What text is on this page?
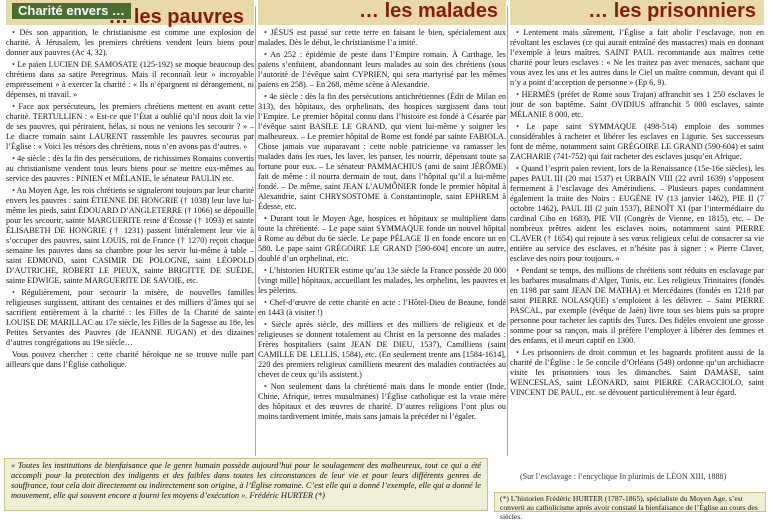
Charité envers …
… les pauvres

• Dès son apparition, le christianisme est comme une explosion de charité. À Jérusalem, les premiers chrétiens vendent leurs biens pour donner aux pauvres (Ac 4, 32).

• Le païen LUCIEN DE SAMOSATE (125-192) se moque beaucoup des chrétiens dans sa satire Peregrinus. Mais il reconnaît leur « incroyable empressement » à exercer la charité : « Ils n’épargnent ni dérangement, ni dépenses, ni travail. »

• Face aux persécuteurs, les premiers chrétiens mettent en avant cette charité. TERTULLIEN : « Est-ce que l’État a oublié qu’il nous doit la vie de ses pauvres, qui périraient, hélas, si nous ne venions les secourir ? » – Le diacre romain saint LAURENT rassemble les pauvres secourus par l’Église : « Voici les trésors des chrétiens, nous n’en avons pas d’autres. »

• 4e siècle : dès la fin des persécutions, de richissimes Romains convertis au christianisme vendent tous leurs biens pour se mettre eux-mêmes au service des pauvres : PINIEN et MÉLANIE, le sénateur PAULIN etc.

• Au Moyen Age, les rois chrétiens se signaleront toujours par leur charité envers les pauvres : saint ÉTIENNE DE HONGRIE († 1038) leur lave lui-même les pieds, saint ÉDOUARD D’ANGLETERRE († 1066) se dépouille pour les secourir, sainte MARGUERITE reine d’Écosse († 1093) et sainte ÉLISABETH DE HONGRIE († 1231) passent littéralement leur vie à s’occuper des pauvres, saint LOUIS, roi de France († 1270) reçoit chaque semaine les pauvres dans sa chambre pour les servir lui-même à table – saint EDMOND, saint CASIMIR DE POLOGNE, saint LÉOPOLD D’AUTRICHE, ROBERT LE PIEUX, sainte BRIGITTE DE SUÈDE, sainte EDWIGE, sainte MARGUERITE DE SAVOIE, etc.

• Régulièrement, pour secourir la misère, de nouvelles familles religieuses surgissent, attirant des centaines et des milliers d’âmes qui se sacrifient entièrement à la charité : les Filles de la Charité de sainte LOUISE DE MARILLAC au 17e siècle, les Filles de la Sagesse au 18e, les Petites Servantes des Pauvres (de JEANNE JUGAN) et des dizaines d’autres congrégations au 19e siècle…

Vous pouvez chercher : cette charité héroïque ne se trouve nulle part ailleurs que dans l’Église catholique.

… les malades

• JÉSUS est passé sur cette terre en faisant le bien, spécialement aux malades. Dès le début, le christianisme l’a imité.

• An 252 : épidémie de peste dans l’Empire romain. À Carthage, les païens s’enfuient, abandonnant leurs malades au soin des chrétiens (sous l’autorité de l’évêque saint CYPRIEN, qui sera martyrisé par les mêmes païens en 258). – En 268, même scène à Alexandrie.

• 4e siècle : dès la fin des persécutions antichrétiennes (Édit de Milan en 313), des hôpitaux, des orphelinats, des hospices surgissent dans tout l’Empire. Le premier hôpital connu dans l’histoire est fondé à Césarée par l’évêque saint BASILE LE GRAND, qui vient lui-même y soigner les malheureux. – Le premier hôpital de Rome est fondé par sainte FABIOLA. Chose jamais vue auparavant : cette noble patricienne va ramasser les malades dans les rues, les laver, les panser, les nourrir, dépensant toute sa fortune pour eux. – Le sénateur PAMMACHIUS (ami de saint JÉRÔME) fait de même : il nourra dermain de tout, dans l’hôpital qu’il a lui-même fondé. – De même, saint JEAN L’AUMÔNIER fonde le premier hôpital à Alexandrie, saint CHRYSOSTOME à Constantinople, saint EPHREM à Édesse, etc.

• Durant tout le Moyen Age, hospices et hôpitaux se multiplient dans toute la chrétienté. – Le pape saint SYMMAQUE fonde un nouvel hôpital à Rome au début du 6e siècle. Le pape PÉLAGE II en fonde encore un en 580. Le pape saint GRÉGOIRE LE GRAND [590-604] encore un autre, doublé d’un orphelinat, etc.

• L’historien HURTER estime qu’au 13e siècle la France possède 20 000 [vingt mille] hôpitaux, accueillant les malades, les orphelins, les pauvres et les pèlerins.

• Chef-d’œuvre de cette charité en acte : l’Hôtel-Dieu de Beaune, fondé en 1443 (à visiter !)

• Siècle après siècle, des milliers et des milliers de religieux et de religieuses se donnent totalement au Christ en la personne des malades : Frères hospitaliers (saint JEAN DE DIEU, 1537), Camilliens (saint CAMILLE DE LELLIS, 1584), etc. (En seulement trente ans [1584-1614], 220 des premiers religieux camilliens meurent des maladies contractées au chevet de ceux qu’ils assistent.)

• Non seulement dans la chrétienté mais dans le monde entier (Inde, Chine, Afrique, terres musulmanes) l’Église catholique est la vraie mère des hôpitaux et des œuvres de charité. D’autres religions l’ont plus ou moins tardivement imitée, mais sans jamais la précéder ni l’égaler.

… les prisonniers

• Lentement mais sûrement, l’Église a fait abolir l’esclavage, non en révoltant les esclaves (ce qui aurait entraîné des massacres) mais en donnant l’exemple à leurs maîtres. SAINT PAUL recommande aux maîtres cette charité pour leurs esclaves : « Ne les traitez pas avec menaces, sachant que vous avez les uns et les autres dans le Ciel un maître commun, devant qui il n’y a point d’acception de personne » (Ep 6, 9).

• HERMÈS (préfet de Rome sous Trajan) affranchit ses 1 250 esclaves le jour de son baptême. Saint OVIDIUS affranchit 5 000 esclaves, sainte MÉLANIE 8 000, etc.

• Le pape saint SYMMAQUE (498-514) emploie des sommes considérables à racheter et libérer les esclaves en Ligurie. Ses successeurs font de même, notamment saint GRÉGOIRE LE GRAND (590-604) et saint ZACHARIE (741-752) qui fait racheter des esclaves jusqu’en Afrique.

• Quand l’esprit païen revient, lors de la Renaissance (15e-16e siècles), les papes PAUL III (20 mai 1537) et URBAIN VIII (22 avril 1639) s’opposent fermement à l’esclavage des Amérindiens. – Plusieurs papes condamnent également la traite des Noirs : EUGÈNE IV (13 janvier 1462), PIE II (7 octobre 1462), PAUL III (2 juin 1537), BENOÎT XI (par l’intermédiaire du cardinal Cibo en 1683), PIE VII (Congrès de Vienne, en 1815), etc. – De nombreux prêtres aident les esclaves noirs, notamment saint PIERRE CLAVER († 1654) qui rejoute à ses vœux religieux celui de consacrer sa vie entière au service des esclaves, et n’hésite pas à signer : « Pierre Claver, esclave des noirs pour toujours. »

• Pendant se temps, des millions de chrétiens sont réduits en esclavage par les barbares musulmans d’Alger, Tunis, etc. Les religieux Trinitaires (fondés en 1198 par saint JEAN DE MATHA) et Mercédaires (fondés en 1218 par saint PIERRE NOLASQUE) s’emploient à les délivrer. – Saint PIERRE PASCAL, par exemple (évêque de Jaén) livre tous ses biens puis sa propre personne pour racheter les captifs des Turcs. Des fidèles envoient une grosse somme pour sa rançon, mais il préfère l’employer à libérer des femmes et des enfants, et il meurt captif en 1300.

• Les prisonniers de droit commun et les bagnards profitent aussi de la charité de l’Église : le 5e concile d’Orléans (549) ordonne qu’un archidiacre visite les prisonniers tous les dimanches. Saint DAMASE, saint WENCESLAS, saint LÉONARD, saint PIERRE CARACCIOLO, saint VINCENT DE PAUL, etc. se dévouent particulièrement à leur égard.

(Sur l’esclavage : l’encyclique In plurimis de LÉON XIII, 1888)
« Toutes les institutions de bienfaisance que le genre humain possède aujourd’hui pour le soulagement des malheureux, tout ce qui a été accompli pour la protection des indigents et des faibles dans toutes les circonstances de leur vie et pour leurs différents genres de souffrance, tout cela doit directement ou indirectement son origine, à l’Église romaine. C’est elle qui a donné l’exemple, elle qui a donné le mouvement, elle qui souvent encore a fourni les moyens d’exécution ». Frédéric HURTER (*)	(*) L’historien Frédéric HURTER (1787-1865), spécialiste du Moyen Age, s’est converti au catholicisme après avoir constaté la bienfaisance de l’Église au cours des siècles.
